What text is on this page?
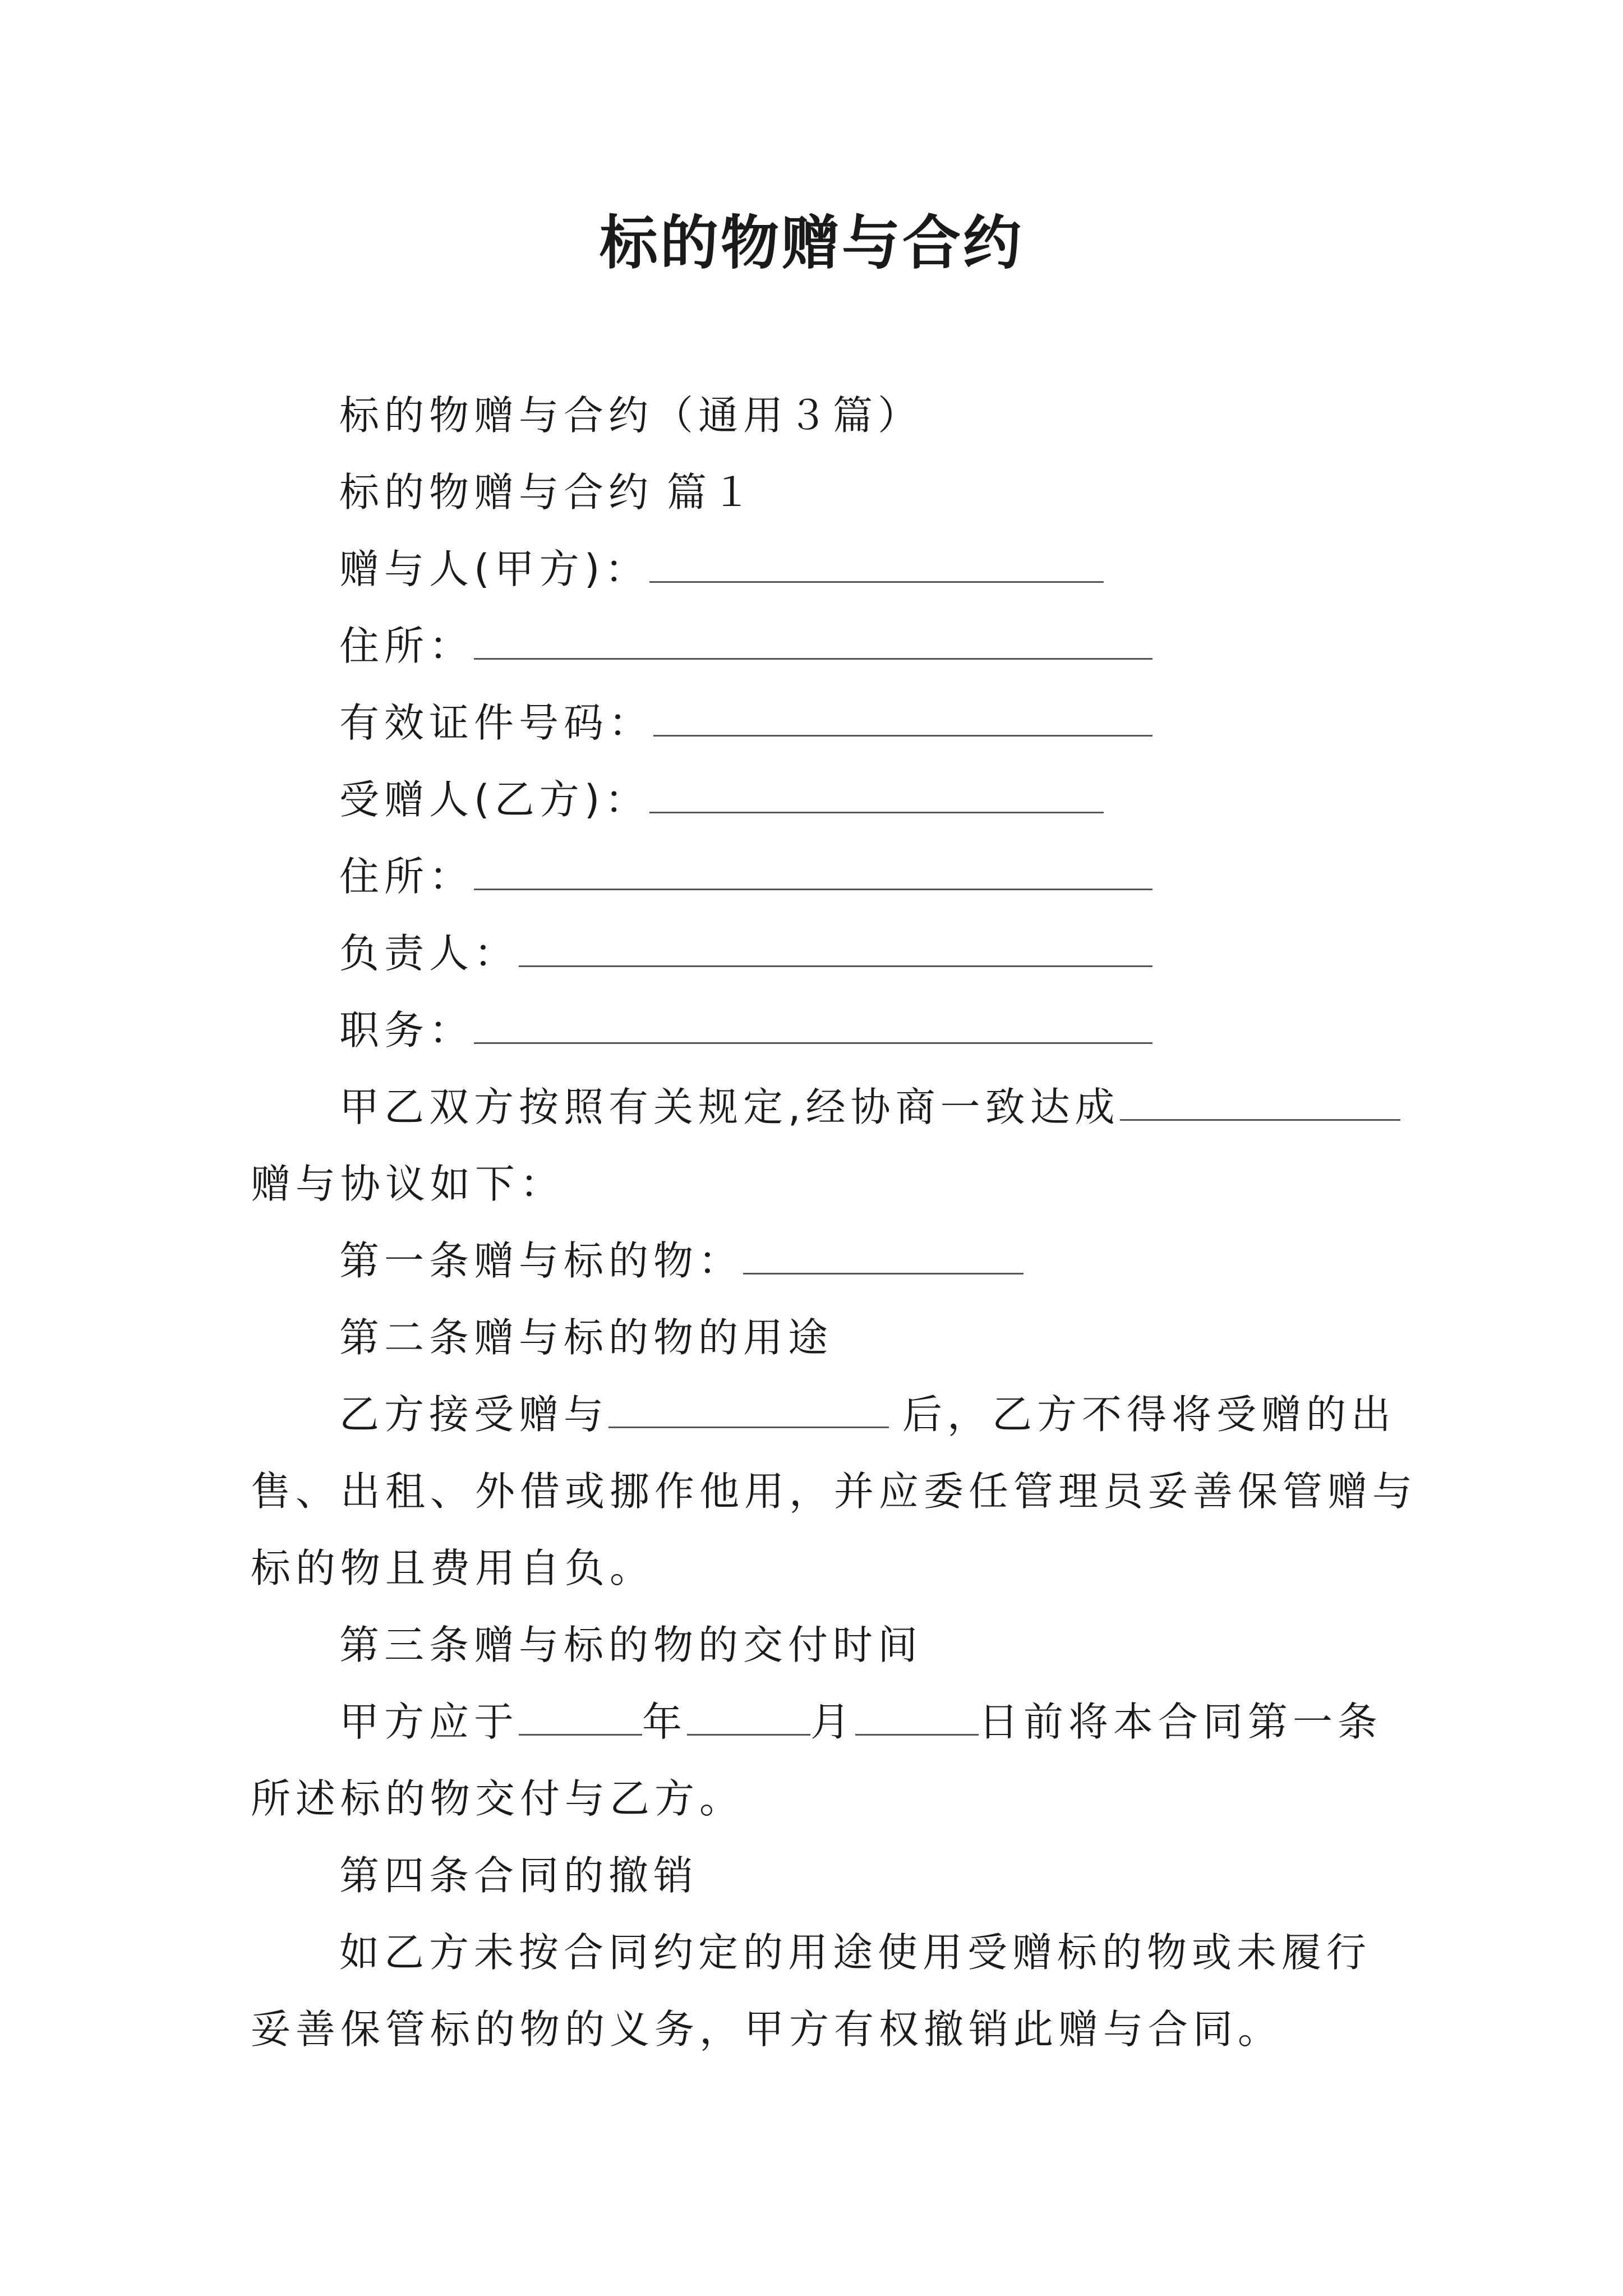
标的物赠与合约
标的物赠与合约（通用３篇）
标的物赠与合约 篇１
赠与人(甲方)：
住所：
有效证件号码：
受赠人(乙方)：
住所：
负责人：
职务：
甲乙双方按照有关规定,经协商一致达成
赠与协议如下：
第一条赠与标的物：
第二条赠与标的物的用途
乙方接受赠与	后，乙方不得将受赠的出
售、出租、外借或挪作他用，并应委任管理员妥善保管赠与
标的物且费用自负。
第三条赠与标的物的交付时间
甲方应于	年	月	日前将本合同第一条
所述标的物交付与乙方。
第四条合同的撤销
如乙方未按合同约定的用途使用受赠标的物或未履行
妥善保管标的物的义务，甲方有权撤销此赠与合同。
